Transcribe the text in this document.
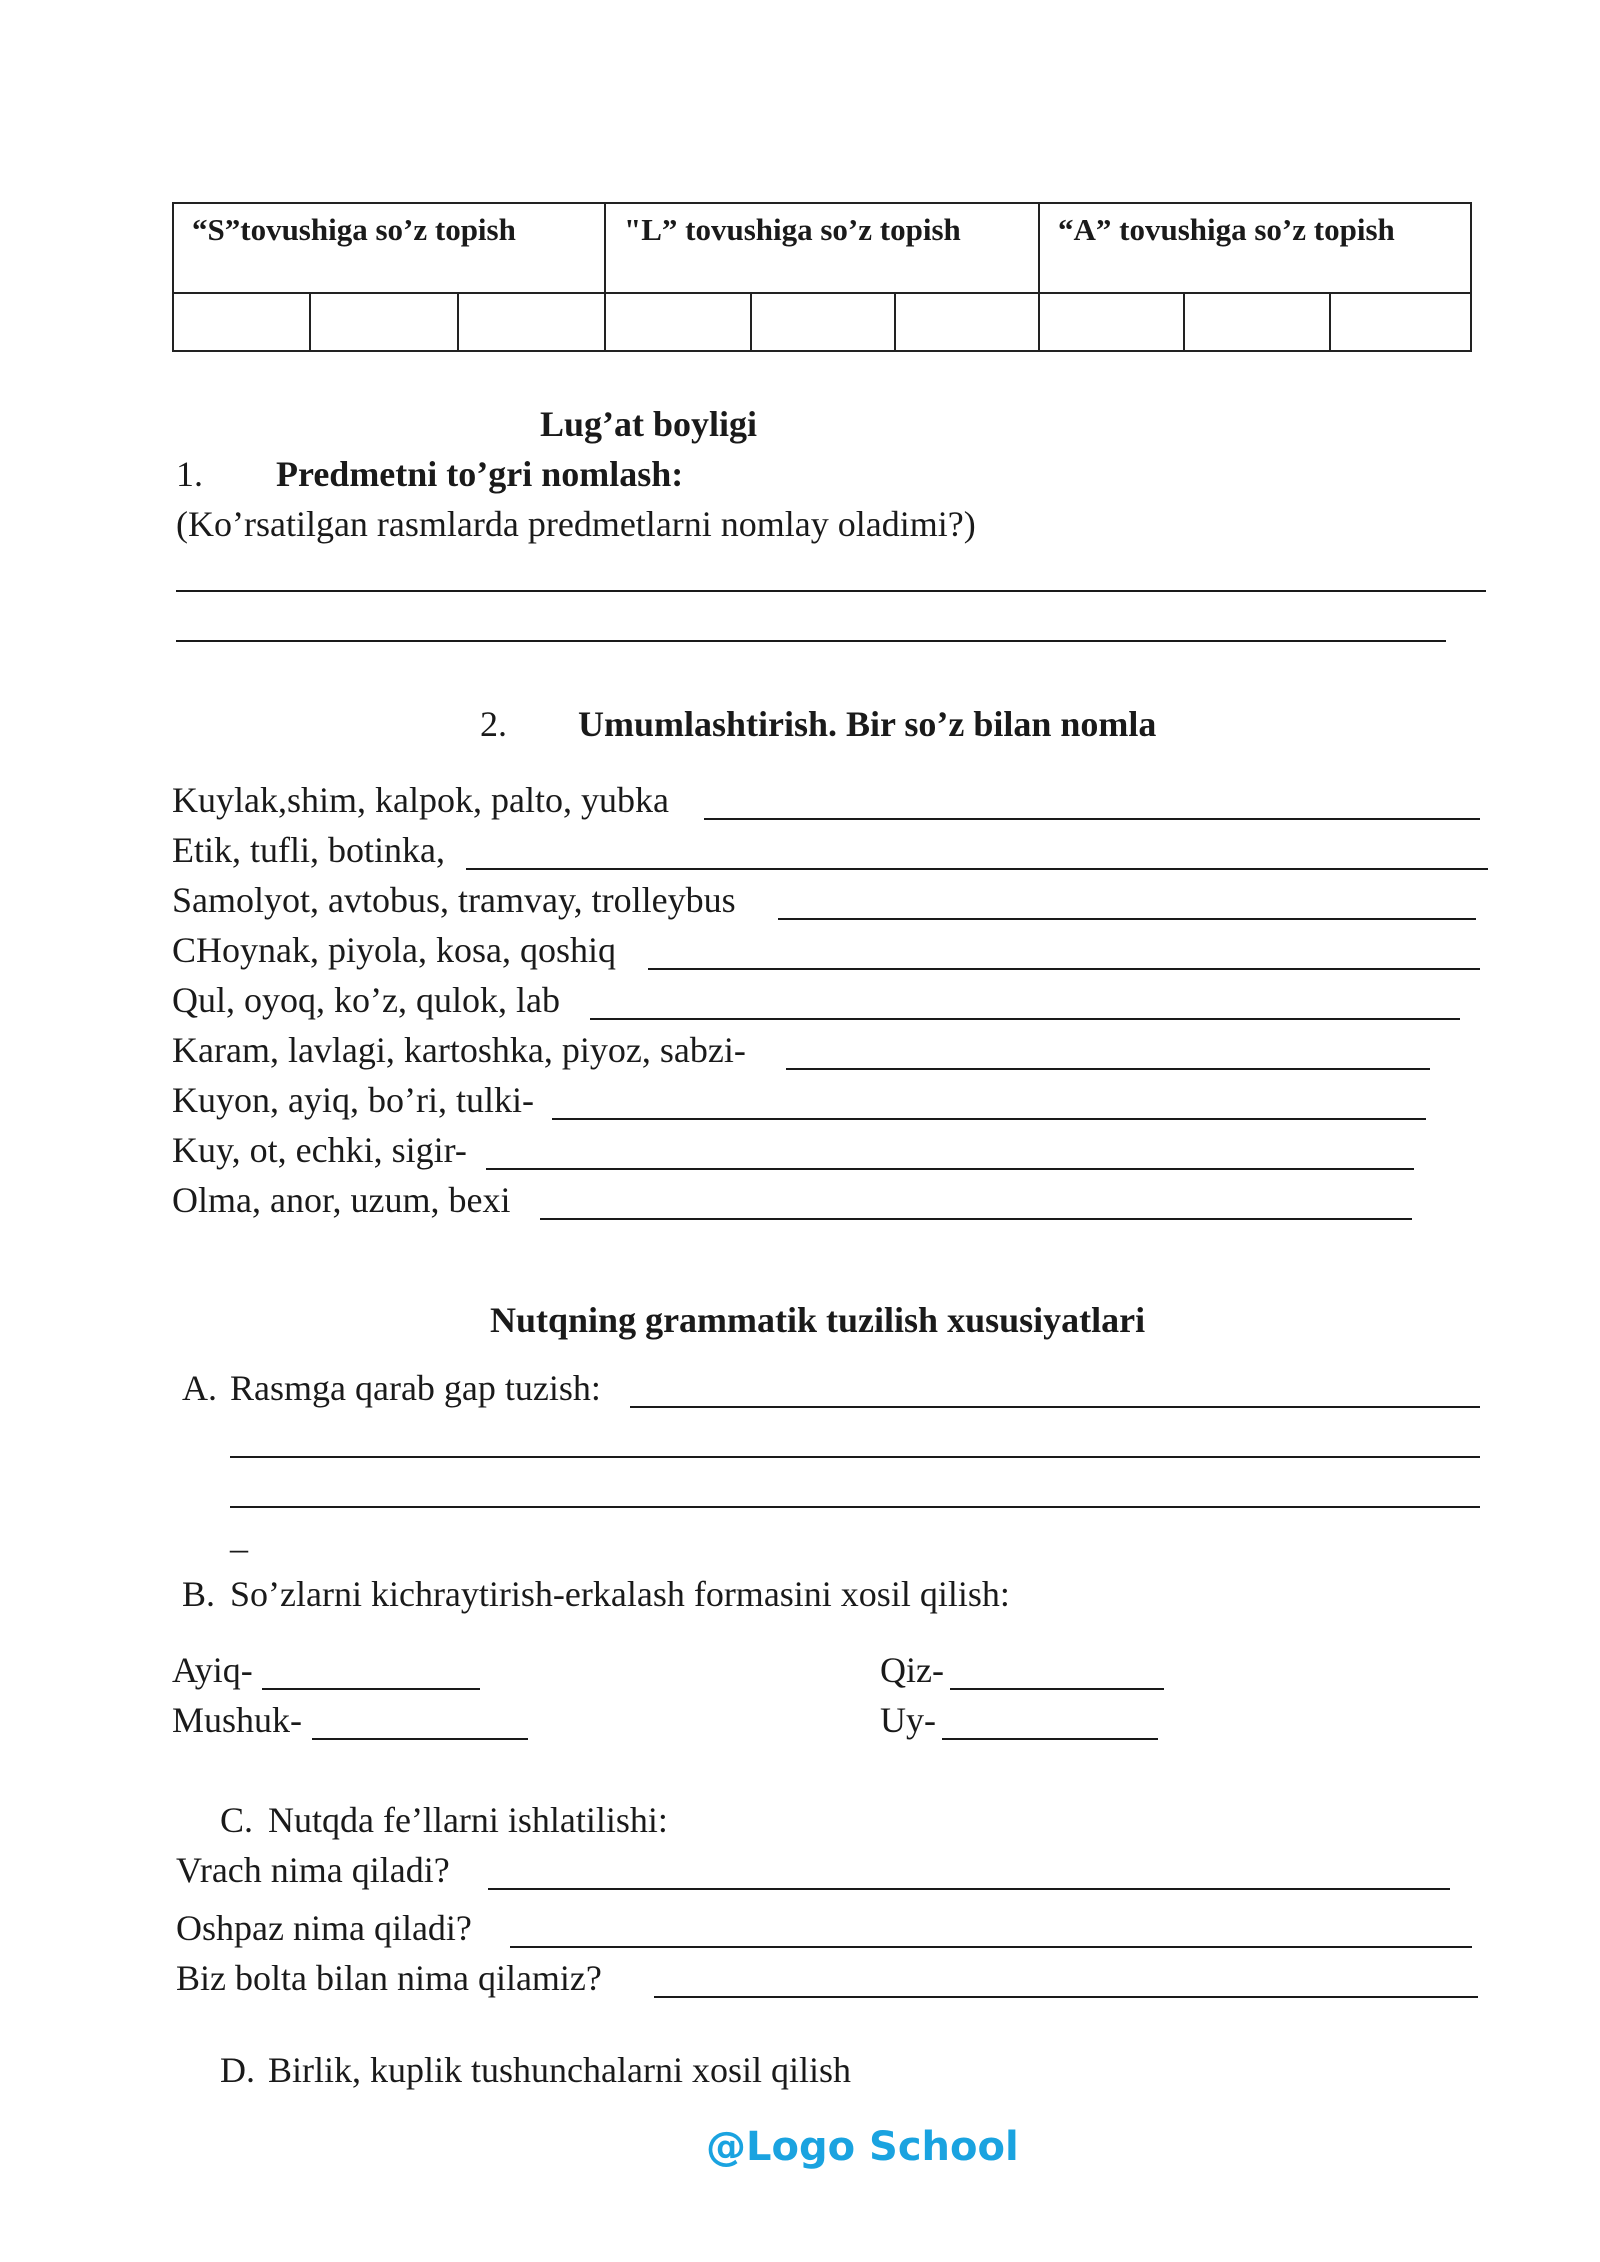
“S”tovushiga so’z topish	"L” tovushiga so’z topish	“A” tovushiga so’z topish
Lug’at boyligi
1. Predmetni to’gri nomlash:
(Ko’rsatilgan rasmlarda predmetlarni nomlay oladimi?)
2. Umumlashtirish. Bir so’z bilan nomla
Kuylak,shim, kalpok, palto, yubka
Etik, tufli, botinka,
Samolyot, avtobus, tramvay, trolleybus
CHoynak, piyola, kosa, qoshiq
Qul, oyoq, ko’z, qulok, lab
Karam, lavlagi, kartoshka, piyoz, sabzi-
Kuyon, ayiq, bo’ri, tulki-
Kuy, ot, echki, sigir-
Olma, anor, uzum, bexi
Nutqning grammatik tuzilish xususiyatlari
A. Rasmga qarab gap tuzish:
_
B. So’zlarni kichraytirish-erkalash formasini xosil qilish:
Ayiq-
Mushuk-
Qiz-
Uy-
C. Nutqda fe’llarni ishlatilishi:
Vrach nima qiladi?
Oshpaz nima qiladi?
Biz bolta bilan nima qilamiz?
D. Birlik, kuplik tushunchalarni xosil qilish
@Logo School
